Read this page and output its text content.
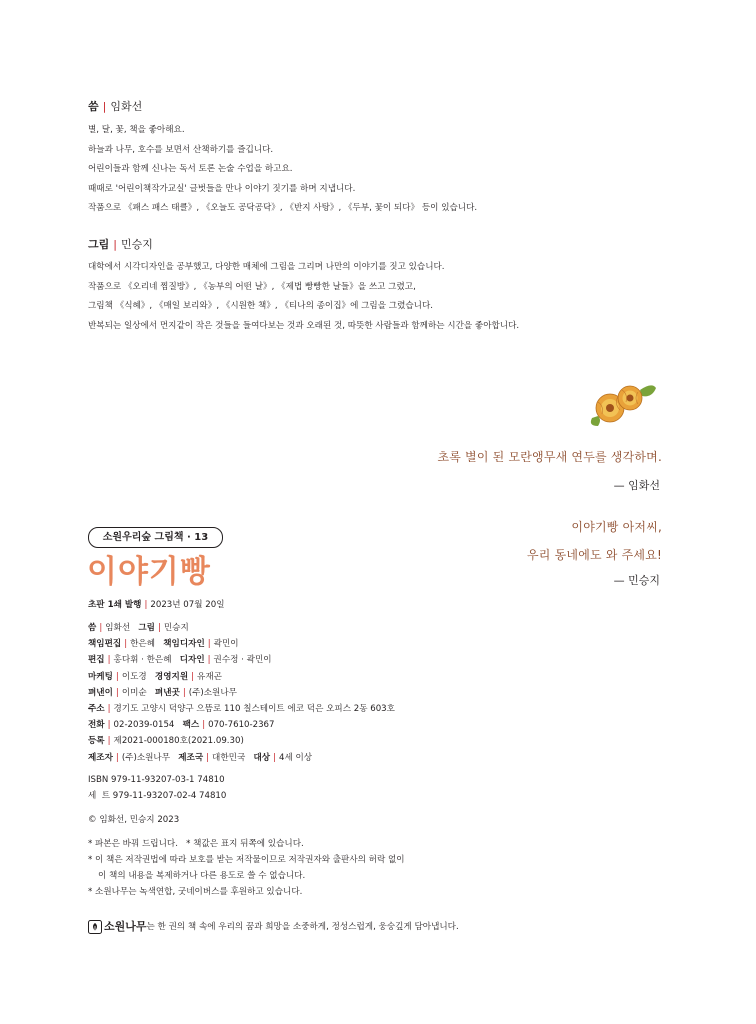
씀 | 임화선
별, 달, 꽃, 책을 좋아해요.
하늘과 나무, 호수를 보면서 산책하기를 즐깁니다.
어린이들과 함께 신나는 독서 토론 논술 수업을 하고요.
때때로 '어린이책작가교실' 글벗들을 만나 이야기 짓기를 하며 지냅니다.
작품으로 《패스 패스 태클》, 《오늘도 공닥공닥》, 《반지 사탕》, 《두부, 꽃이 되다》 등이 있습니다.
그림 | 민승지
대학에서 시각디자인을 공부했고, 다양한 매체에 그림을 그리며 나만의 이야기를 짓고 있습니다.
작품으로 《오리네 찜질방》, 《농부의 어떤 날》, 《제법 빵빵한 날들》을 쓰고 그렸고,
그림책 《식혜》, 《매일 보리와》, 《시원한 책》, 《티나의 종이집》에 그림을 그렸습니다.
반복되는 일상에서 먼지같이 작은 것들을 들여다보는 것과 오래된 것, 따뜻한 사람들과 함께하는 시간을 좋아합니다.
초록 별이 된 모란앵무새 연두를 생각하며.
— 임화선
이야기빵 아저씨,
우리 동네에도 와 주세요!
— 민승지
소원우리숲 그림책 · 13
이야기빵
초판 1쇄 발행 | 2023년 07월 20일
씀 | 임화선 그림 | 민승지
책임편집 | 한은혜 책임디자인 | 곽민이
편집 | 홍다휘 · 한은혜 디자인 | 권수정 · 곽민이
마케팅 | 이도경 경영지원 | 유재곤
펴낸이 | 이미순 펴낸곳 | (주)소원나무
주소 | 경기도 고양시 덕양구 으뜸로 110 칠스테이트 에코 덕은 오피스 2동 603호
전화 | 02-2039-0154 팩스 | 070-7610-2367
등록 | 제2021-000180호(2021.09.30)
제조자 | (주)소원나무 제조국 | 대한민국 대상 | 4세 이상
ISBN 979-11-93207-03-1 74810
세  트 979-11-93207-02-4 74810
© 임화선, 민승지 2023
* 파본은 바꿔 드립니다. * 책값은 표지 뒤쪽에 있습니다.
* 이 책은 저작권법에 따라 보호를 받는 저작물이므로 저작권자와 출판사의 허락 없이
이 책의 내용을 복제하거나 다른 용도로 쓸 수 없습니다.
* 소원나무는 녹색연합, 굿네이버스를 후원하고 있습니다.
소원나무 는 한 권의 책 속에 우리의 꿈과 희망을 소중하게, 정성스럽게, 웅숭깊게 담아냅니다.
